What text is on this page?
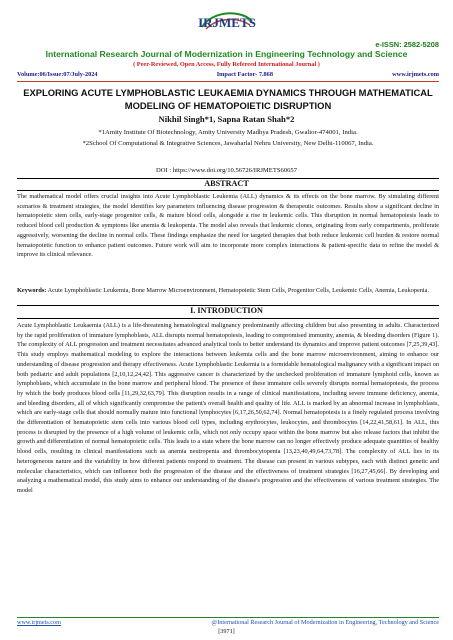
IRJMETS
e-ISSN: 2582-5208
International Research Journal of Modernization in Engineering Technology and Science
( Peer-Reviewed, Open Access, Fully Refereed International Journal )
Volume:06/Issue:07/July-2024	Impact Factor- 7.868	www.irjmets.com
EXPLORING ACUTE LYMPHOBLASTIC LEUKAEMIA DYNAMICS THROUGH MATHEMATICAL MODELING OF HEMATOPOIETIC DISRUPTION
Nikhil Singh*1, Sapna Ratan Shah*2
*1Amity Institute Of Biotechnology, Amity University Madhya Pradesh, Gwalior-474001, India.
*2School Of Computational & Integrative Sciences, Jawaharlal Nehru University, New Delhi-110067, India.
DOI : https://www.doi.org/10.56726/IRJMETS60657
ABSTRACT
The mathematical model offers crucial insights into Acute Lymphoblastic Leukemia (ALL) dynamics & its effects on the bone marrow. By simulating different scenarios & treatment strategies, the model identifies key parameters influencing disease progression & therapeutic outcomes. Results show a significant decline in hematopoietic stem cells, early-stage progenitor cells, & mature blood cells, alongside a rise in leukemic cells. This disruption in normal hematopoiesis leads to reduced blood cell production & symptoms like anemia & leukopenia. The model also reveals that leukemic clones, originating from early compartments, proliferate aggressively, worsening the decline in normal cells. These findings emphasize the need for targeted therapies that both reduce leukemic cell burden & restore normal hematopoietic function to enhance patient outcomes. Future work will aim to incorporate more complex interactions & patient-specific data to refine the model & improve its clinical relevance.
Keywords: Acute Lymphoblastic Leukemia, Bone Marrow Microenvironment, Hematopoietic Stem Cells, Progenitor Cells, Leukemic Cells, Anemia, Leukopenia.
I. INTRODUCTION
Acute Lymphoblastic Leukaemia (ALL) is a life-threatening hematological malignancy predominantly affecting children but also presenting in adults. Characterized by the rapid proliferation of immature lymphoblasts, ALL disrupts normal hematopoiesis, leading to compromised immunity, anemia, & bleeding disorders (Figure 1). The complexity of ALL progression and treatment necessitates advanced analytical tools to better understand its dynamics and improve patient outcomes [7,25,39,43]. This study employs mathematical modeling to explore the interactions between leukemia cells and the bone marrow microenvironment, aiming to enhance our understanding of disease progression and therapy effectiveness. Acute Lymphoblastic Leukemia is a formidable hematological malignancy with a significant impact on both pediatric and adult populations [2,10,12,24,42]. This aggressive cancer is characterized by the unchecked proliferation of immature lymphoid cells, known as lymphoblasts, which accumulate in the bone marrow and peripheral blood. The presence of these immature cells severely disrupts normal hematopoiesis, the process by which the body produces blood cells [11,29,32,63,79]. This disruption results in a range of clinical manifestations, including severe immune deficiency, anemia, and bleeding disorders, all of which significantly compromise the patient's overall health and quality of life. ALL is marked by an abnormal increase in lymphoblasts, which are early-stage cells that should normally mature into functional lymphocytes [6,17,26,50,62,74]. Normal hematopoiesis is a finely regulated process involving the differentiation of hematopoietic stem cells into various blood cell types, including erythrocytes, leukocytes, and thrombocytes [14,22,41,58,61]. In ALL, this process is disrupted by the presence of a high volume of leukemic cells, which not only occupy space within the bone marrow but also release factors that inhibit the growth and differentiation of normal hematopoietic cells. This leads to a state where the bone marrow can no longer effectively produce adequate quantities of healthy blood cells, resulting in clinical manifestations such as anemia neutropenia and thrombocytopenia [13,23,40,49,64,73,78]. The complexity of ALL lies in its heterogeneous nature and the variability in how different patients respond to treatment. The disease can present in various subtypes, each with distinct genetic and molecular characteristics, which can influence both the progression of the disease and the effectiveness of treatment strategies [16,27,45,66]. By developing and analyzing a mathematical model, this study aims to enhance our understanding of the disease's progression and the effectiveness of various treatment strategies. The model
www.irjmets.com	@International Research Journal of Modernization in Engineering, Technology and Science
[3971]
